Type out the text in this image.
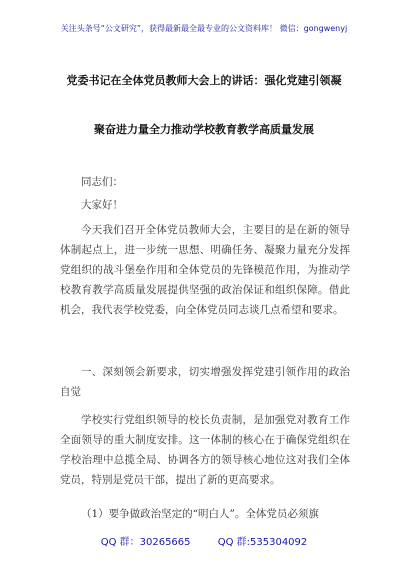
关注头条号“公文研究”，获得最新最全最专业的公文资料库！ 微信：gongwenyj
党委书记在全体党员教师大会上的讲话：强化党建引领凝
聚奋进力量全力推动学校教育教学高质量发展

同志们：

大家好！

今天我们召开全体党员教师大会，主要目的是在新的领导体制起点上，进一步统一思想、明确任务、凝聚力量充分发挥党组织的战斗堡垒作用和全体党员的先锋模范作用，为推动学校教育教学高质量发展提供坚强的政治保证和组织保障。借此机会，我代表学校党委，向全体党员同志谈几点希望和要求。

一、深刻领会新要求，切实增强发挥党建引领作用的政治自觉

学校实行党组织领导的校长负责制，是加强党对教育工作全面领导的重大制度安排。这一体制的核心在于确保党组织在学校治理中总揽全局、协调各方的领导核心地位这对我们全体党员，特别是党员干部，提出了新的更高要求。

（1）要争做政治坚定的“明白人”。全体党员必须旗

QQ 群：30265665	QQ 群:535304092
